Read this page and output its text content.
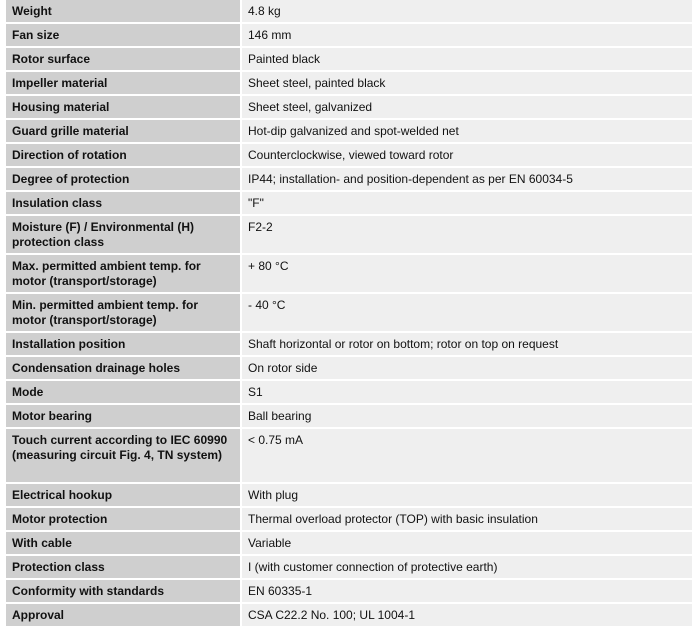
Weight	4.8 kg
Fan size	146 mm
Rotor surface	Painted black
Impeller material	Sheet steel, painted black
Housing material	Sheet steel, galvanized
Guard grille material	Hot-dip galvanized and spot-welded net
Direction of rotation	Counterclockwise, viewed toward rotor
Degree of protection	IP44; installation- and position-dependent as per EN 60034-5
Insulation class	"F"
Moisture (F) / Environmental (H) protection class	F2-2
Max. permitted ambient temp. for motor (transport/storage)	+ 80 °C
Min. permitted ambient temp. for motor (transport/storage)	- 40 °C
Installation position	Shaft horizontal or rotor on bottom; rotor on top on request
Condensation drainage holes	On rotor side
Mode	S1
Motor bearing	Ball bearing
Touch current according to IEC 60990 (measuring circuit Fig. 4, TN system)	< 0.75 mA
Electrical hookup	With plug
Motor protection	Thermal overload protector (TOP) with basic insulation
With cable	Variable
Protection class	I (with customer connection of protective earth)
Conformity with standards	EN 60335-1
Approval	CSA C22.2 No. 100; UL 1004-1
